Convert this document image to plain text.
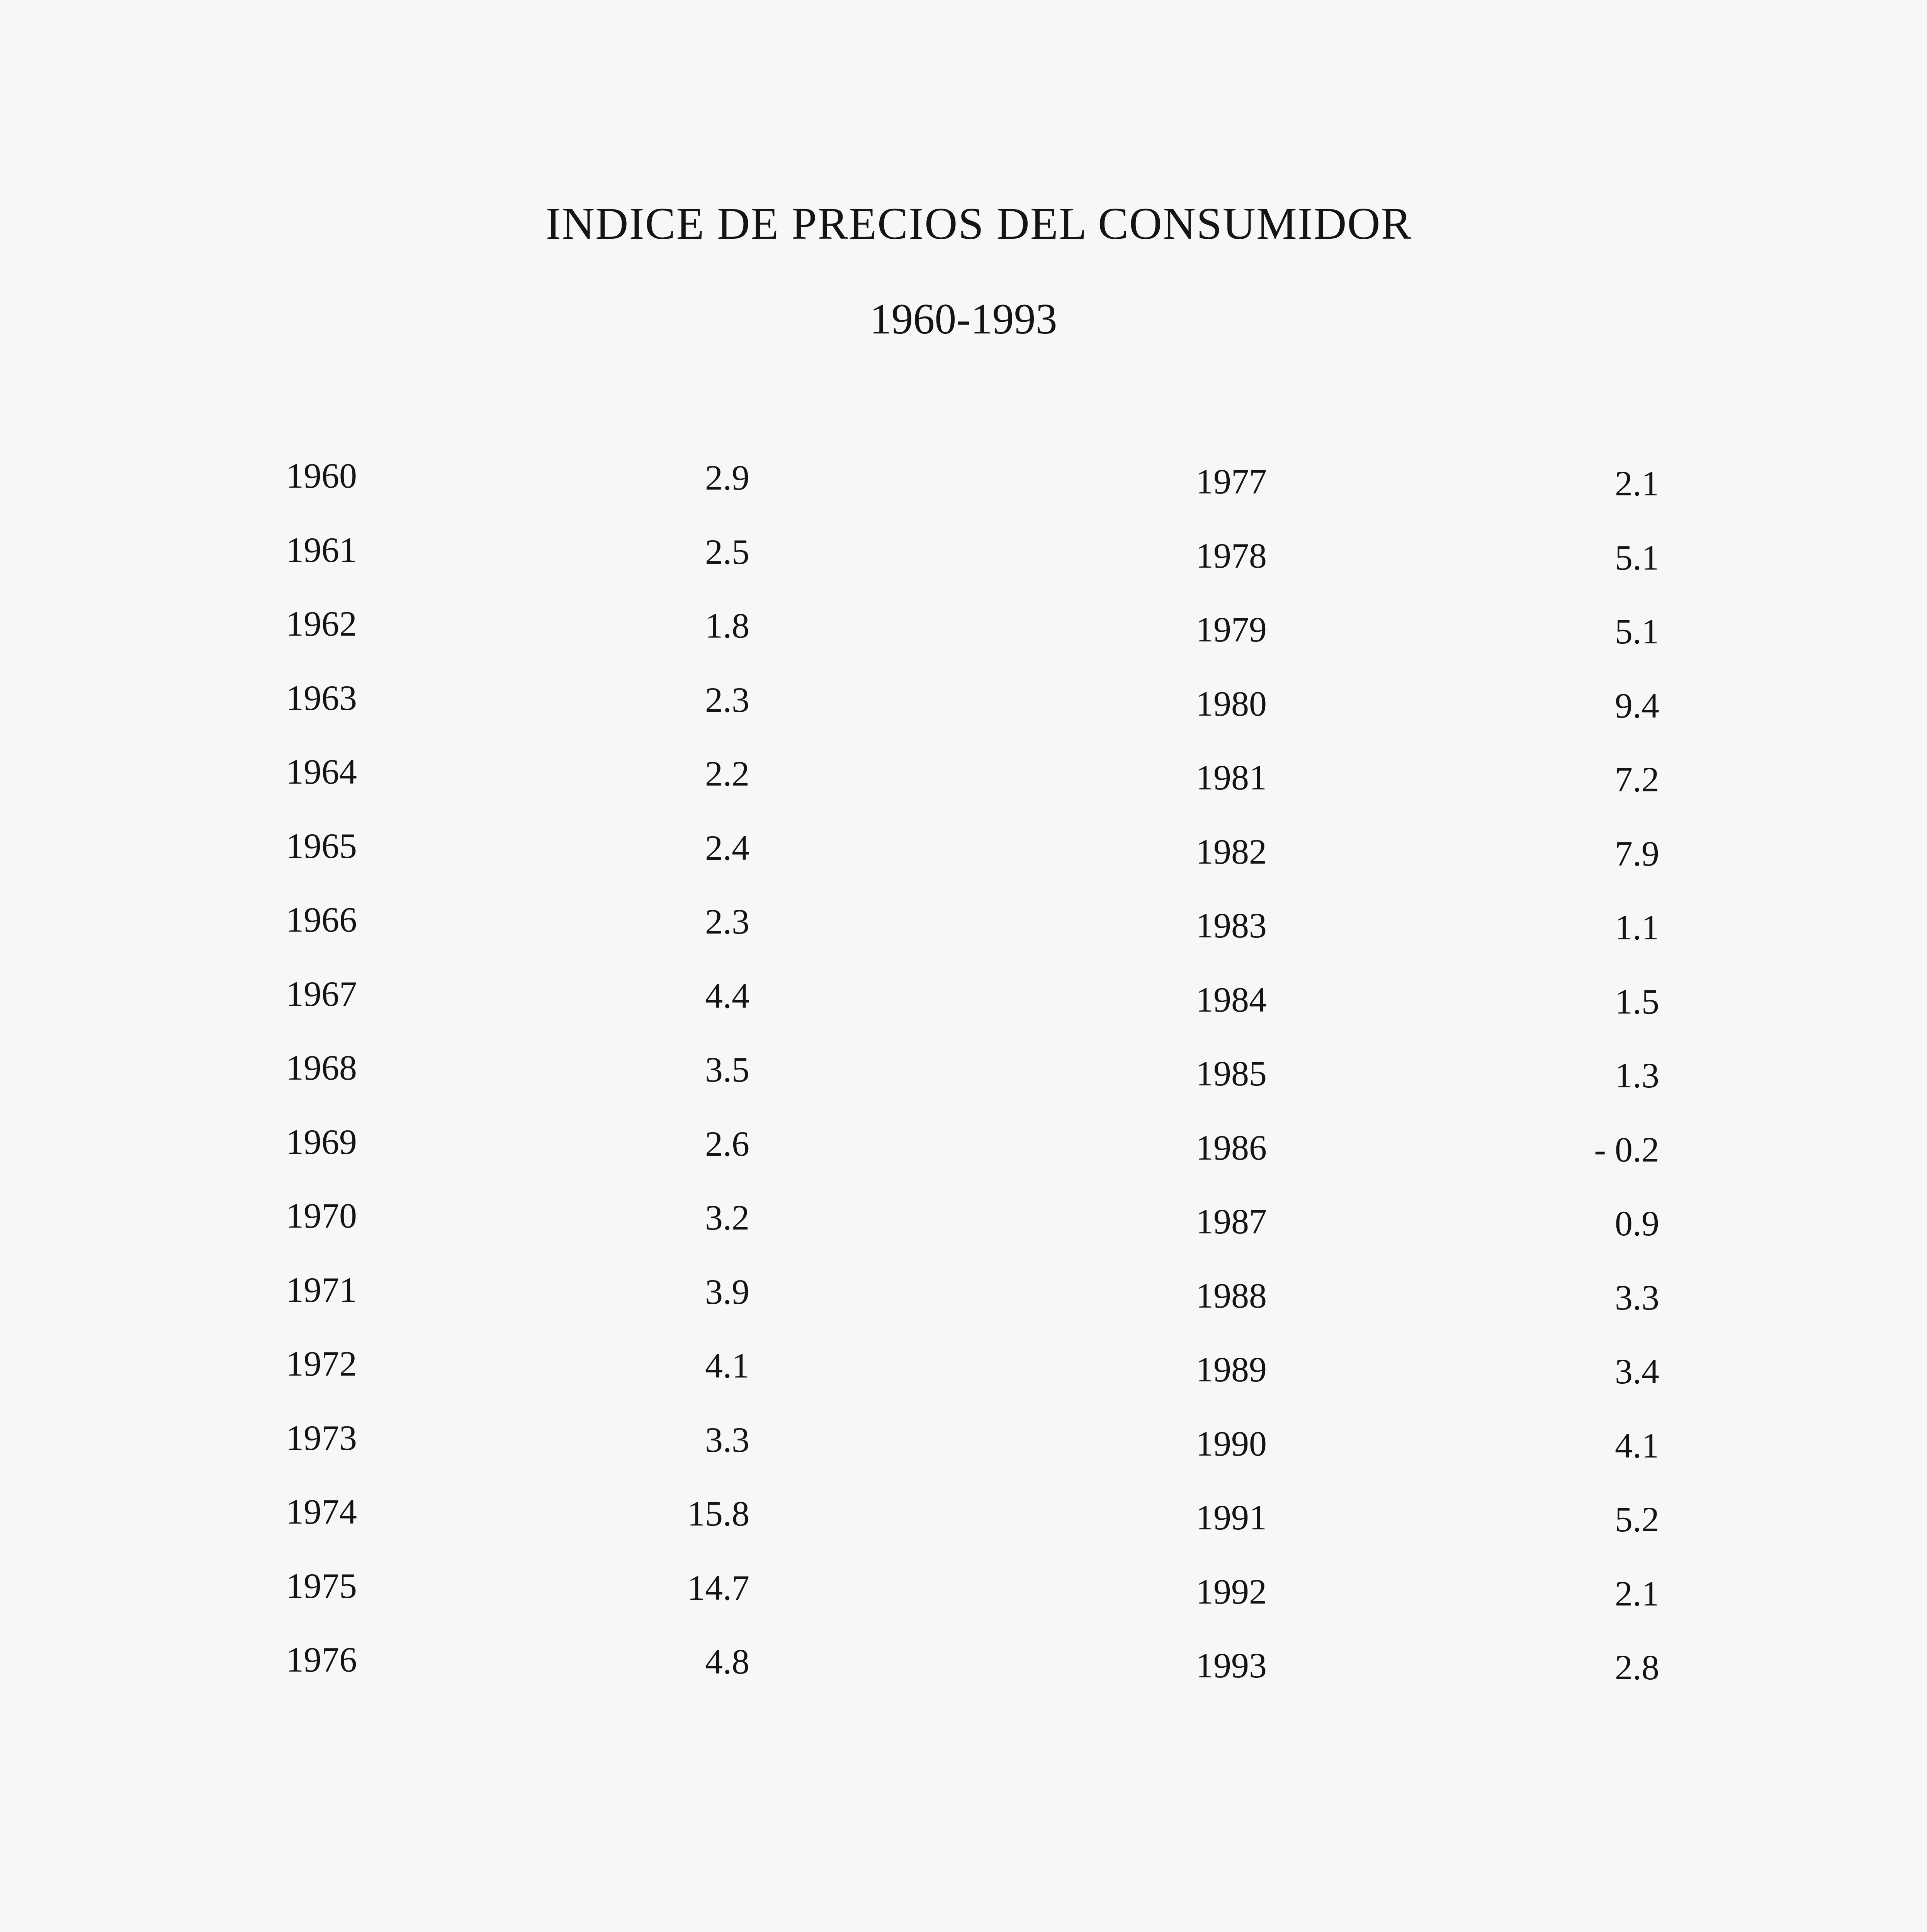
INDICE DE PRECIOS DEL CONSUMIDOR
1960-1993
1960	2.9
1961	2.5
1962	1.8
1963	2.3
1964	2.2
1965	2.4
1966	2.3
1967	4.4
1968	3.5
1969	2.6
1970	3.2
1971	3.9
1972	4.1
1973	3.3
1974	15.8
1975	14.7
1976	4.8
1977	2.1
1978	5.1
1979	5.1
1980	9.4
1981	7.2
1982	7.9
1983	1.1
1984	1.5
1985	1.3
1986	- 0.2
1987	0.9
1988	3.3
1989	3.4
1990	4.1
1991	5.2
1992	2.1
1993	2.8
